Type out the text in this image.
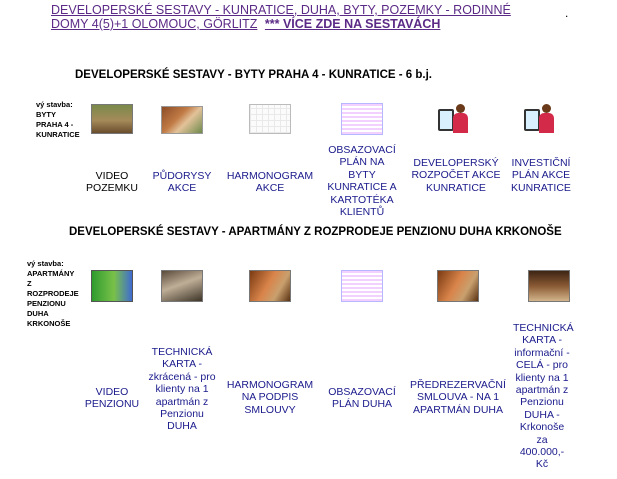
DEVELOPERSKÉ SESTAVY - KUNRATICE, DUHA, BYTY, POZEMKY - RODINNÉ DOMY 4(5)+1 OLOMOUC, GÖRLITZ *** VÍCE ZDE NA SESTAVÁCH
.
DEVELOPERSKÉ SESTAVY - BYTY PRAHA 4 - KUNRATICE - 6 b.j.
vý stavba:
BYTY
PRAHA 4 -
KUNRATICE
VIDEO POZEMKU
PŮDORYSY AKCE
HARMONOGRAM AKCE
OBSAZOVACÍ PLÁN NA BYTY KUNRATICE A KARTOTÉKA KLIENTŮ
DEVELOPERSKÝ ROZPOČET AKCE KUNRATICE
INVESTIČNÍ PLÁN AKCE KUNRATICE
DEVELOPERSKÉ SESTAVY - APARTMÁNY Z ROZPRODEJE PENZIONU DUHA KRKONOŠE
vý stavba:
APARTMÁNY Z
ROZPRODEJE
PENZIONU
DUHA
KRKONOŠE
VIDEO PENZIONU
TECHNICKÁ KARTA - zkrácená - pro klienty na 1 apartmán z Penzionu DUHA
HARMONOGRAM NA PODPIS SMLOUVY
OBSAZOVACÍ PLÁN DUHA
PŘEDREZERVAČNÍ SMLOUVA - NA 1 APARTMÁN DUHA
TECHNICKÁ KARTA - informační - CELÁ - pro klienty na 1 apartmán z Penzionu DUHA - Krkonoše za 400.000,- Kč
